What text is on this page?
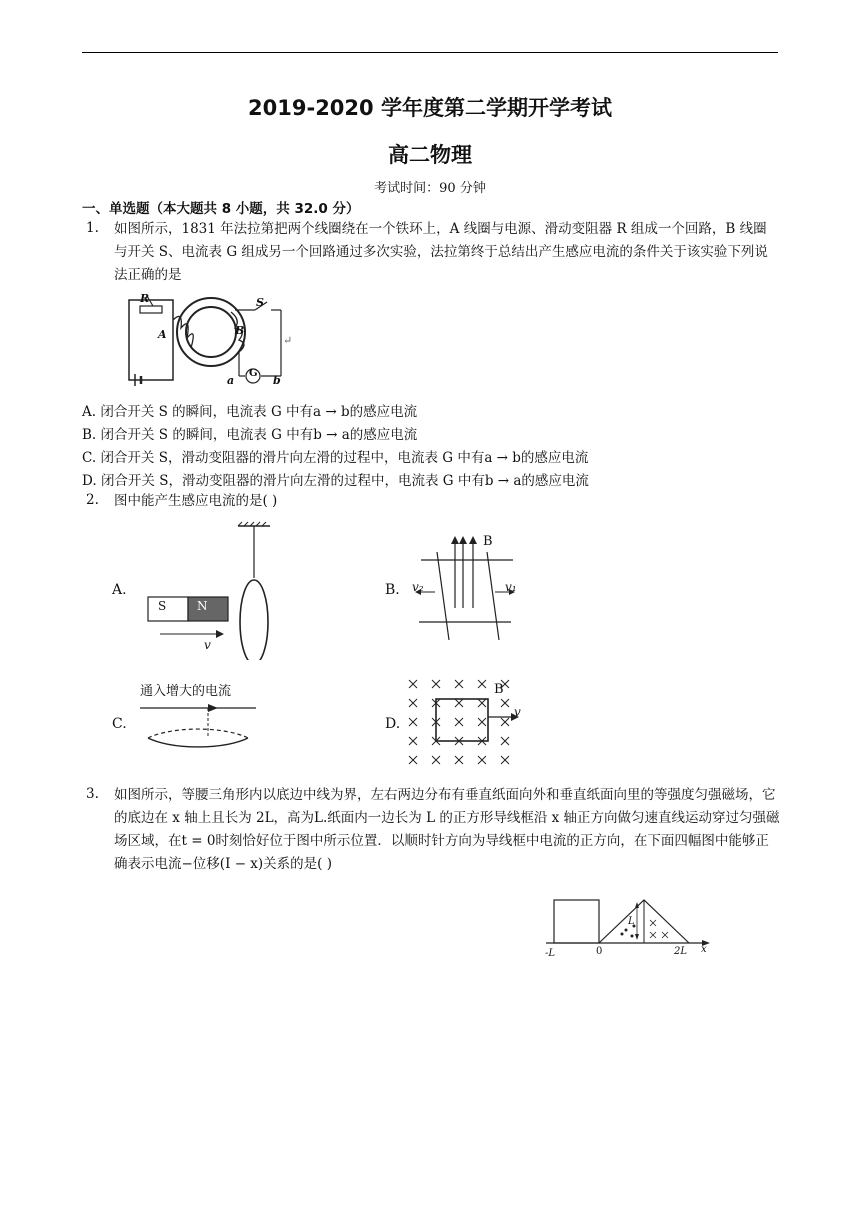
2019-2020 学年度第二学期开学考试
高二物理
考试时间：90 分钟
一、单选题（本大题共 8 小题，共 32.0 分）
1. 如图所示，1831 年法拉第把两个线圈绕在一个铁环上，A 线圈与电源、滑动变阻器 R 组成一个回路，B 线圈与开关 S、电流表 G 组成另一个回路通过多次实验，法拉第终于总结出产生感应电流的条件关于该实验下列说法正确的是
R	S
A	B
G
a	b
↵
A. 闭合开关 S 的瞬间，电流表 G 中有a → b的感应电流
B. 闭合开关 S 的瞬间，电流表 G 中有b → a的感应电流
C. 闭合开关 S，滑动变阻器的滑片向左滑的过程中，电流表 G 中有a → b的感应电流
D. 闭合开关 S，滑动变阻器的滑片向左滑的过程中，电流表 G 中有b → a的感应电流
2. 图中能产生感应电流的是( )
A.
S	N
v
B.
B
v₂	v₁
C.
通入增大的电流
D.
B
v
3. 如图所示，等腰三角形内以底边中线为界，左右两边分布有垂直纸面向外和垂直纸面向里的等强度匀强磁场，它的底边在 x 轴上且长为 2L，高为L.纸面内一边长为 L 的正方形导线框沿 x 轴正方向做匀速直线运动穿过匀强磁场区域，在t = 0时刻恰好位于图中所示位置．以顺时针方向为导线框中电流的正方向，在下面四幅图中能够正确表示电流−位移(I − x)关系的是( )
-L	0	2L x
L
